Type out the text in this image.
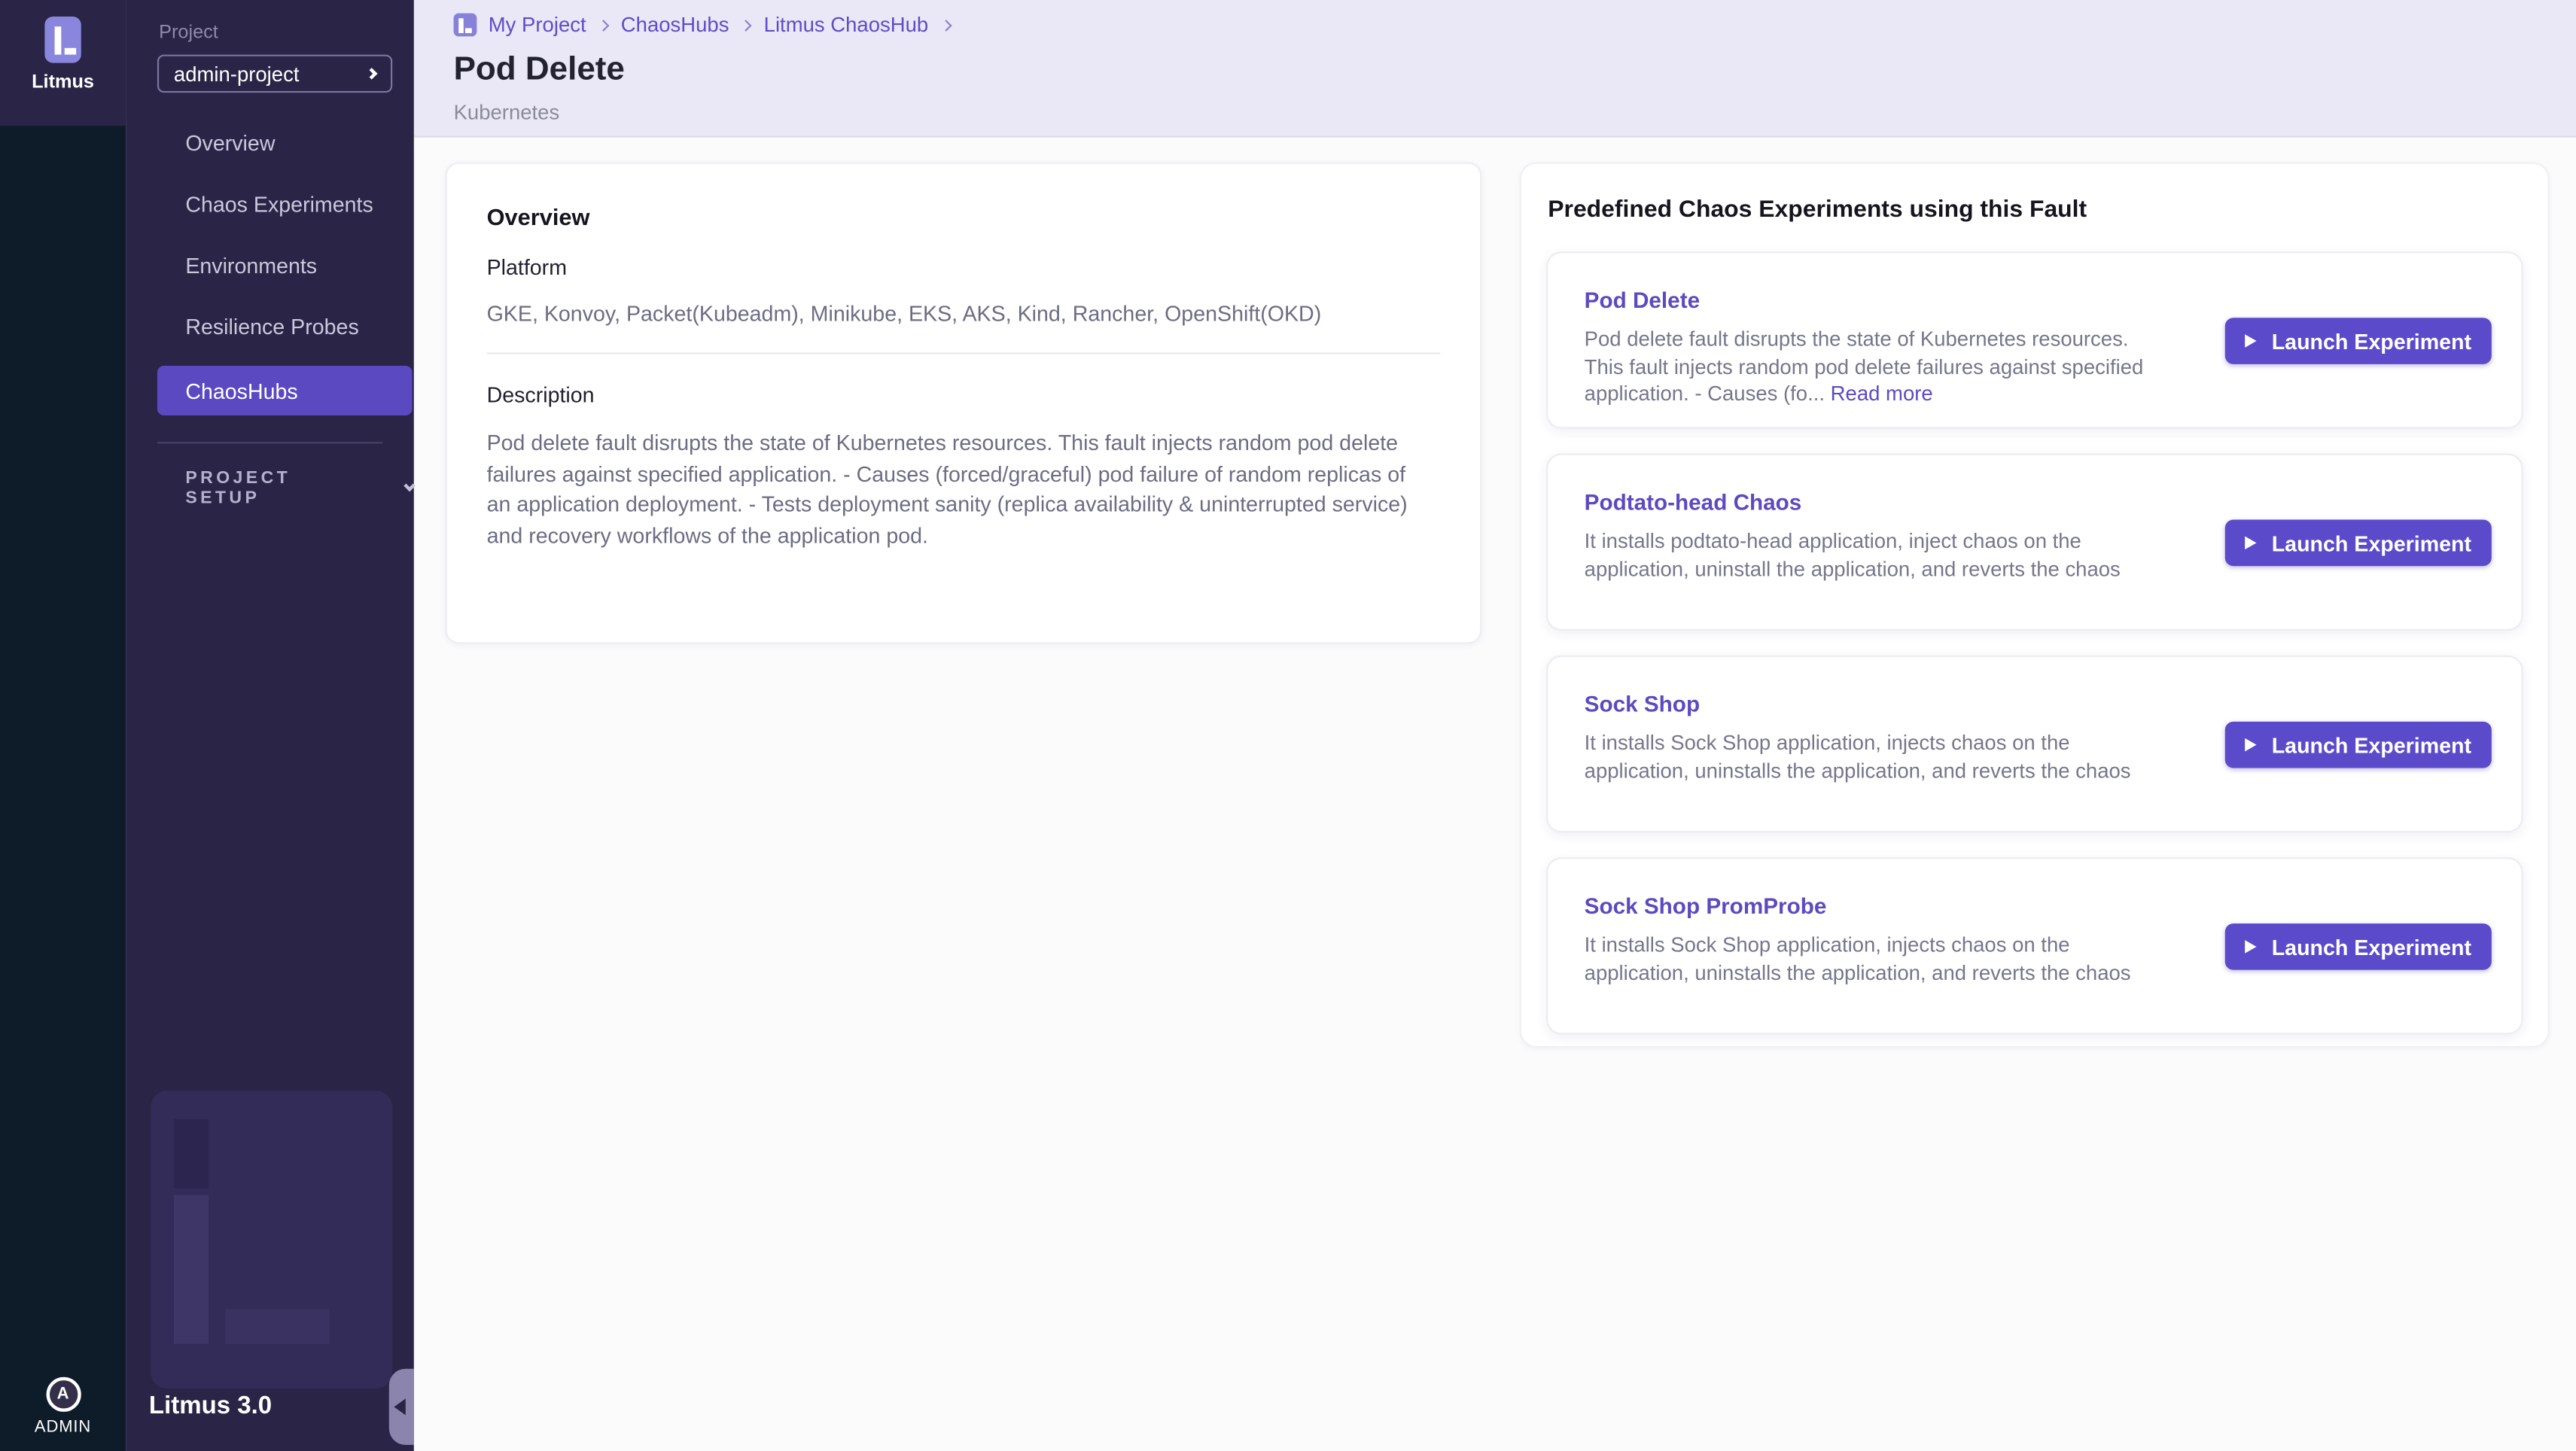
Litmus
A
ADMIN
Project
admin-project
Overview
Chaos Experiments
Environments
Resilience Probes
ChaosHubs
PROJECT SETUP
Litmus 3.0
My Project	ChaosHubs	Litmus ChaosHub
Pod Delete
Kubernetes
Overview
Platform
GKE, Konvoy, Packet(Kubeadm), Minikube, EKS, AKS, Kind, Rancher, OpenShift(OKD)
Description
Pod delete fault disrupts the state of Kubernetes resources. This fault injects random pod delete failures against specified application. - Causes (forced/graceful) pod failure of random replicas of an application deployment. - Tests deployment sanity (replica availability & uninterrupted service) and recovery workflows of the application pod.
Predefined Chaos Experiments using this Fault
Pod Delete
Pod delete fault disrupts the state of Kubernetes resources. This fault injects random pod delete failures against specified application. - Causes (fo... Read more
Launch Experiment
Podtato-head Chaos
It installs podtato-head application, inject chaos on the application, uninstall the application, and reverts the chaos
Launch Experiment
Sock Shop
It installs Sock Shop application, injects chaos on the application, uninstalls the application, and reverts the chaos
Launch Experiment
Sock Shop PromProbe
It installs Sock Shop application, injects chaos on the application, uninstalls the application, and reverts the chaos
Launch Experiment
